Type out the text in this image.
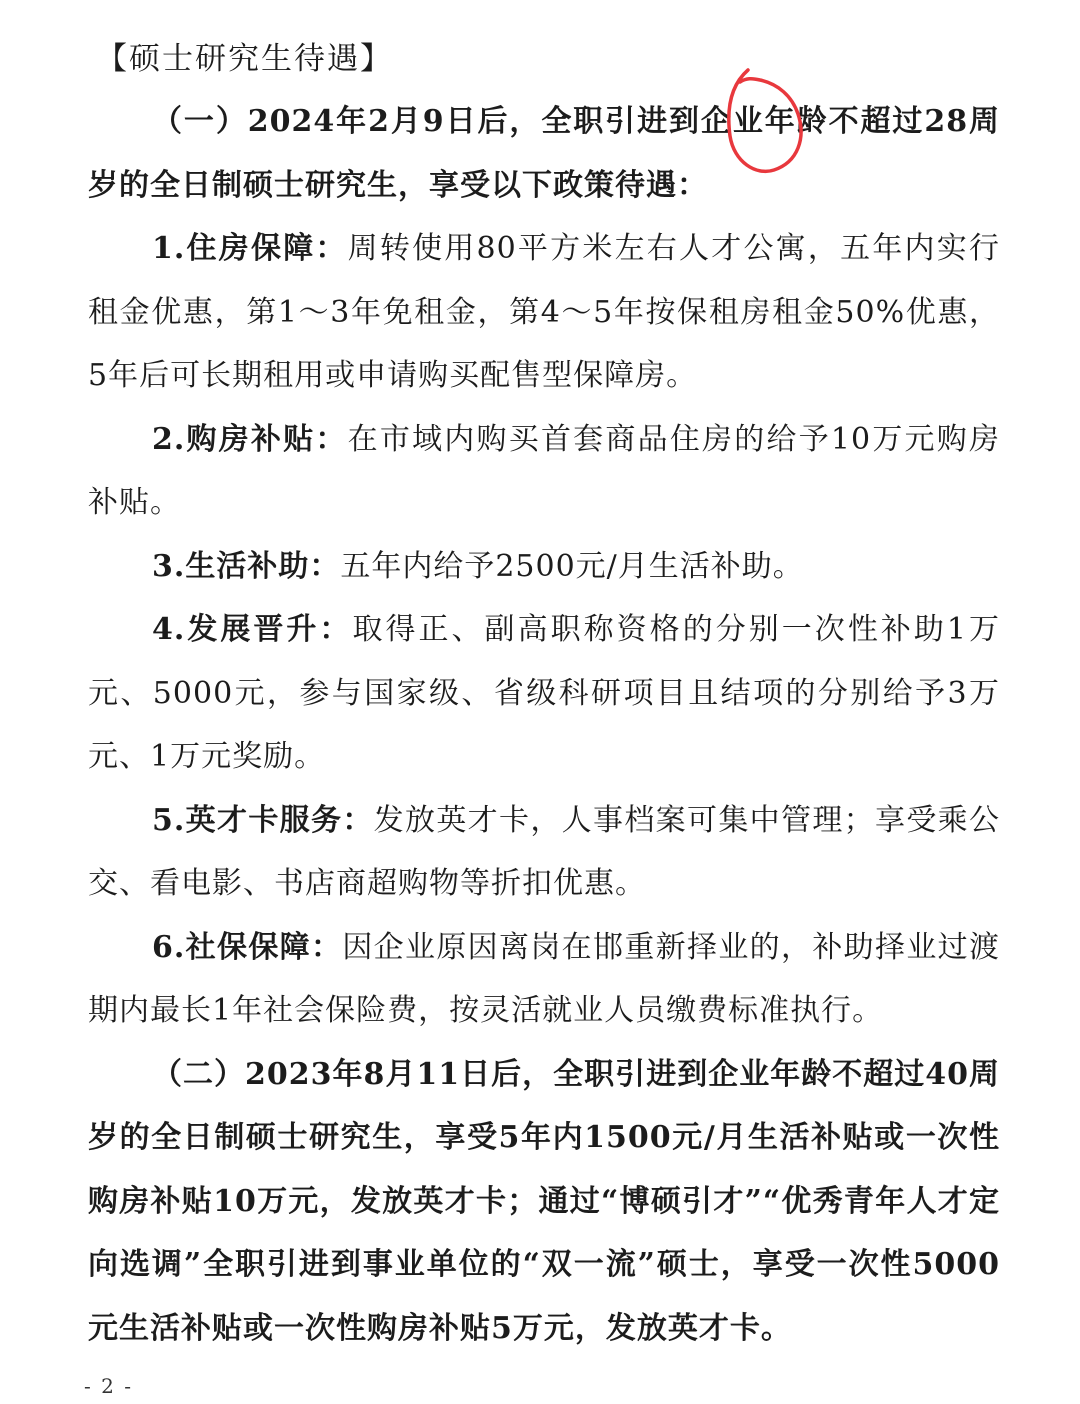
【硕士研究生待遇】

（一）2024年2月9日后，全职引进到企业年龄不超过28周岁的全日制硕士研究生，享受以下政策待遇：

1.住房保障：周转使用80平方米左右人才公寓，五年内实行租金优惠，第1～3年免租金，第4～5年按保租房租金50%优惠，5年后可长期租用或申请购买配售型保障房。

2.购房补贴：在市域内购买首套商品住房的给予10万元购房补贴。

3.生活补助：五年内给予2500元/月生活补助。

4.发展晋升：取得正、副高职称资格的分别一次性补助1万元、5000元，参与国家级、省级科研项目且结项的分别给予3万元、1万元奖励。

5.英才卡服务：发放英才卡，人事档案可集中管理；享受乘公交、看电影、书店商超购物等折扣优惠。

6.社保保障：因企业原因离岗在邯重新择业的，补助择业过渡期内最长1年社会保险费，按灵活就业人员缴费标准执行。

（二）2023年8月11日后，全职引进到企业年龄不超过40周岁的全日制硕士研究生，享受5年内1500元/月生活补贴或一次性购房补贴10万元，发放英才卡；通过“博硕引才”“优秀青年人才定向选调”全职引进到事业单位的“双一流”硕士，享受一次性5000元生活补贴或一次性购房补贴5万元，发放英才卡。

- 2 -
